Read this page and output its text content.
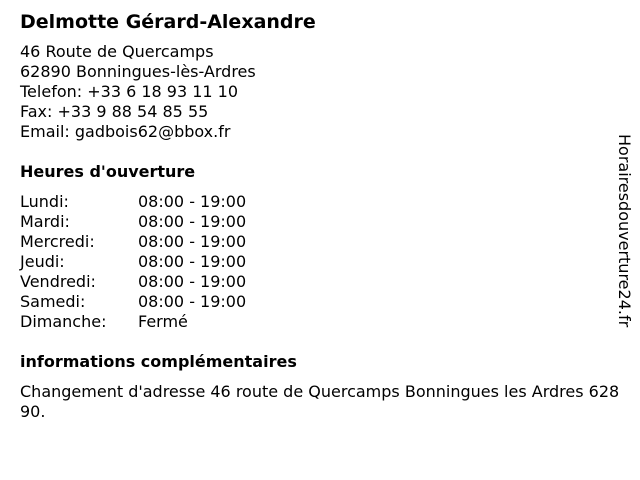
Delmotte Gérard-Alexandre
46 Route de Quercamps
62890 Bonningues-lès-Ardres
Telefon: +33 6 18 93 11 10
Fax: +33 9 88 54 85 55
Email: gadbois62@bbox.fr
Heures d'ouverture
Lundi:	08:00 - 19:00
Mardi:	08:00 - 19:00
Mercredi:	08:00 - 19:00
Jeudi:	08:00 - 19:00
Vendredi:	08:00 - 19:00
Samedi:	08:00 - 19:00
Dimanche:	Fermé
informations complémentaires
Changement d'adresse 46 route de Quercamps Bonningues les Ardres 62890.
Horairesdouverture24.fr
